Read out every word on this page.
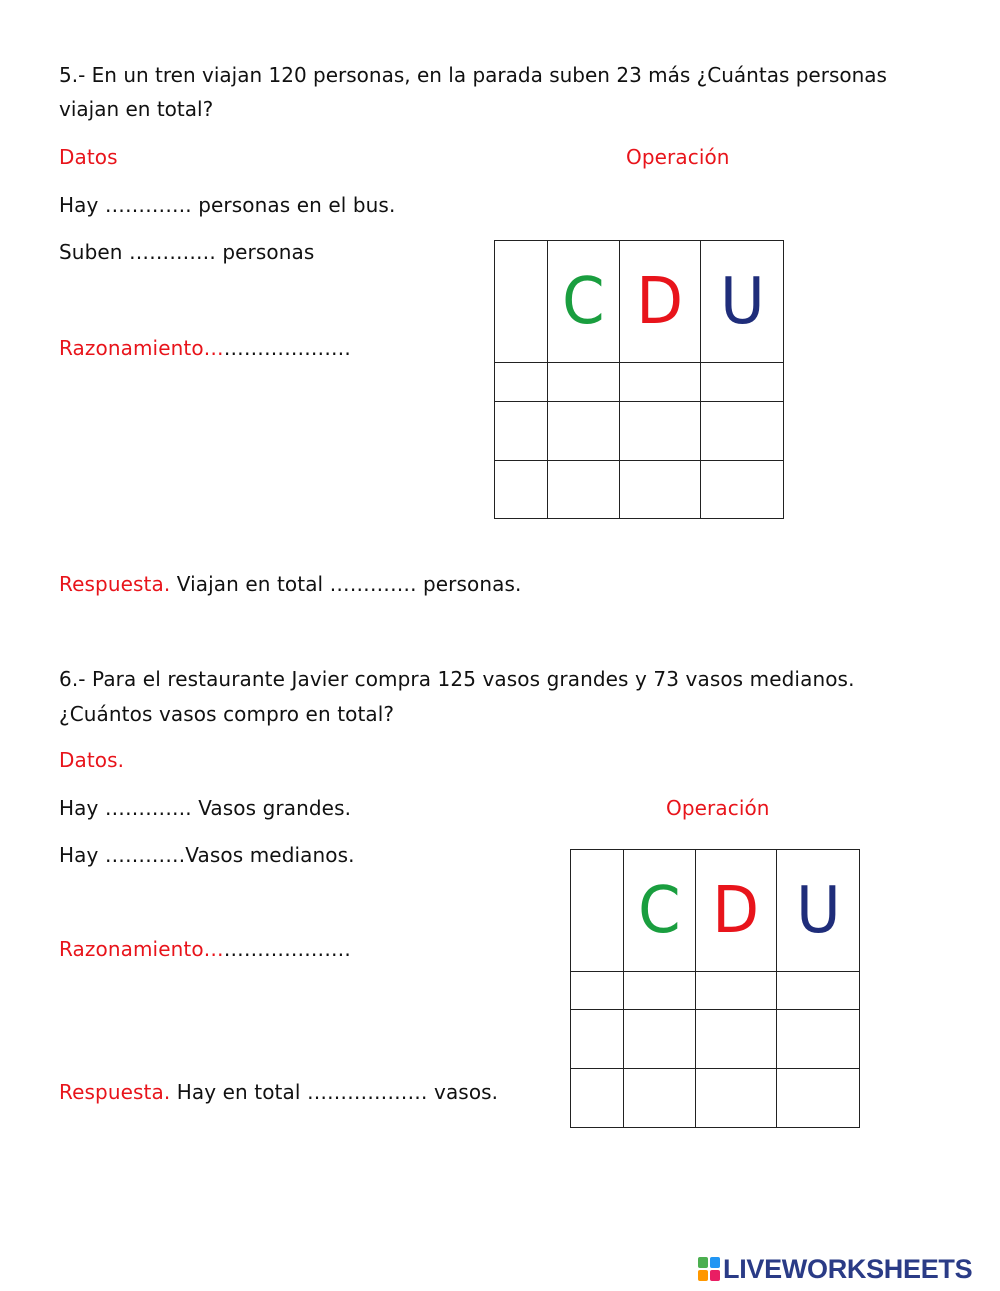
5.- En un tren viajan 120 personas, en la parada suben 23 más ¿Cuántas personas viajan en total?
Datos	Operación
Hay …………. personas en el bus.
Suben …………. personas
Razonamiento………………….
	C	D	U

Respuesta. Viajan en total …………. personas.
6.- Para el restaurante Javier compra 125 vasos grandes y 73 vasos medianos.
¿Cuántos vasos compro en total?
Datos.
Hay …………. Vasos grandes.	Operación
Hay …………Vasos medianos.
Razonamiento………………….
	C	D	U

Respuesta. Hay en total ……………… vasos.
LIVEWORKSHEETS
